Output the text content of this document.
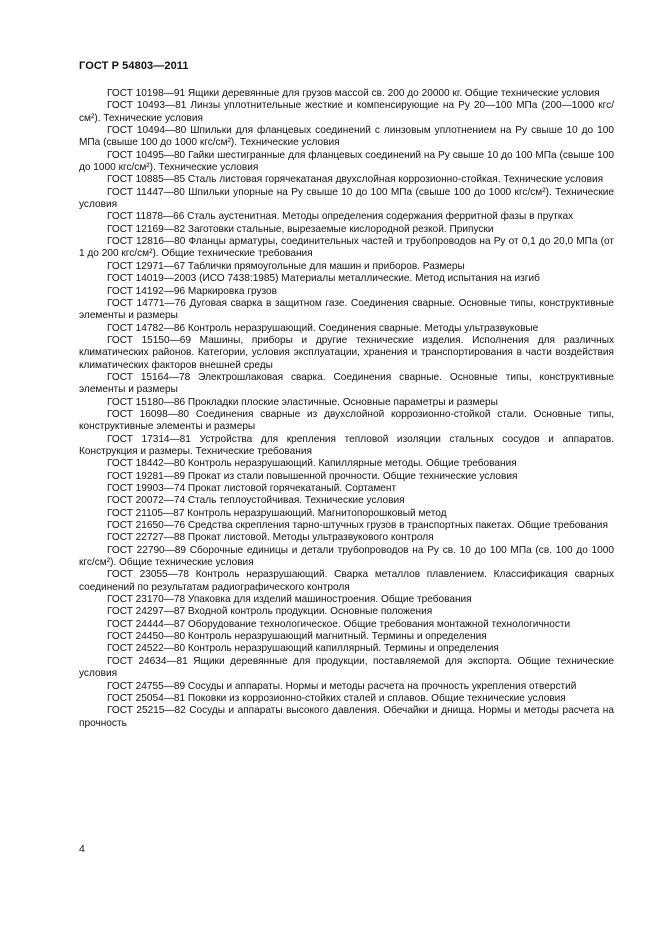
ГОСТ Р 54803—2011

ГОСТ 10198—91 Ящики деревянные для грузов массой св. 200 до 20000 кг. Общие технические условия

ГОСТ 10493—81 Линзы уплотнительные жесткие и компенсирующие на Pу 20—100 МПа (200—1000 кгс/см²). Технические условия

ГОСТ 10494—80 Шпильки для фланцевых соединений с линзовым уплотнением на Pу свыше 10 до 100 МПа (свыше 100 до 1000 кгс/см²). Технические условия

ГОСТ 10495—80 Гайки шестигранные для фланцевых соединений на Pу свыше 10 до 100 МПа (свыше 100 до 1000 кгс/см²). Технические условия

ГОСТ 10885—85 Сталь листовая горячекатаная двухслойная коррозионно-стойкая. Технические условия

ГОСТ 11447—80 Шпильки упорные на Pу свыше 10 до 100 МПа (свыше 100 до 1000 кгс/см²). Технические условия

ГОСТ 11878—66 Сталь аустенитная. Методы определения содержания ферритной фазы в прутках

ГОСТ 12169—82 Заготовки стальные, вырезаемые кислородной резкой. Припуски

ГОСТ 12816—80 Фланцы арматуры, соединительных частей и трубопроводов на Pу от 0,1 до 20,0 МПа (от 1 до 200 кгс/см²). Общие технические требования

ГОСТ 12971—67 Таблички прямоугольные для машин и приборов. Размеры

ГОСТ 14019—2003 (ИСО 7438:1985) Материалы металлические. Метод испытания на изгиб

ГОСТ 14192—96 Маркировка грузов

ГОСТ 14771—76 Дуговая сварка в защитном газе. Соединения сварные. Основные типы, конструктивные элементы и размеры

ГОСТ 14782—86 Контроль неразрушающий. Соединения сварные. Методы ультразвуковые

ГОСТ 15150—69 Машины, приборы и другие технические изделия. Исполнения для различных климатических районов. Категории, условия эксплуатации, хранения и транспортирования в части воздействия климатических факторов внешней среды

ГОСТ 15164—78 Электрошлаковая сварка. Соединения сварные. Основные типы, конструктивные элементы и размеры

ГОСТ 15180—86 Прокладки плоские эластичные. Основные параметры и размеры

ГОСТ 16098—80 Соединения сварные из двухслойной коррозионно-стойкой стали. Основные типы, конструктивные элементы и размеры

ГОСТ 17314—81 Устройства для крепления тепловой изоляции стальных сосудов и аппаратов. Конструкция и размеры. Технические требования

ГОСТ 18442—80 Контроль неразрушающий. Капиллярные методы. Общие требования

ГОСТ 19281—89 Прокат из стали повышенной прочности. Общие технические условия

ГОСТ 19903—74 Прокат листовой горячекатаный. Сортамент

ГОСТ 20072—74 Сталь теплоустойчивая. Технические условия

ГОСТ 21105—87 Контроль неразрушающий. Магнитопорошковый метод

ГОСТ 21650—76 Средства скрепления тарно-штучных грузов в транспортных пакетах. Общие требования

ГОСТ 22727—88 Прокат листовой. Методы ультразвукового контроля

ГОСТ 22790—89 Сборочные единицы и детали трубопроводов на Pу св. 10 до 100 МПа (св. 100 до 1000 кгс/см²). Общие технические условия

ГОСТ 23055—78 Контроль неразрушающий. Сварка металлов плавлением. Классификация сварных соединений по результатам радиографического контроля

ГОСТ 23170—78 Упаковка для изделий машиностроения. Общие требования

ГОСТ 24297—87 Входной контроль продукции. Основные положения

ГОСТ 24444—87 Оборудование технологическое. Общие требования монтажной технологичности

ГОСТ 24450—80 Контроль неразрушающий магнитный. Термины и определения

ГОСТ 24522—80 Контроль неразрушающий капиллярный. Термины и определения

ГОСТ 24634—81 Ящики деревянные для продукции, поставляемой для экспорта. Общие технические условия

ГОСТ 24755—89 Сосуды и аппараты. Нормы и методы расчета на прочность укрепления отверстий

ГОСТ 25054—81 Поковки из коррозионно-стойких сталей и сплавов. Общие технические условия

ГОСТ 25215—82 Сосуды и аппараты высокого давления. Обечайки и днища. Нормы и методы расчета на прочность

4
